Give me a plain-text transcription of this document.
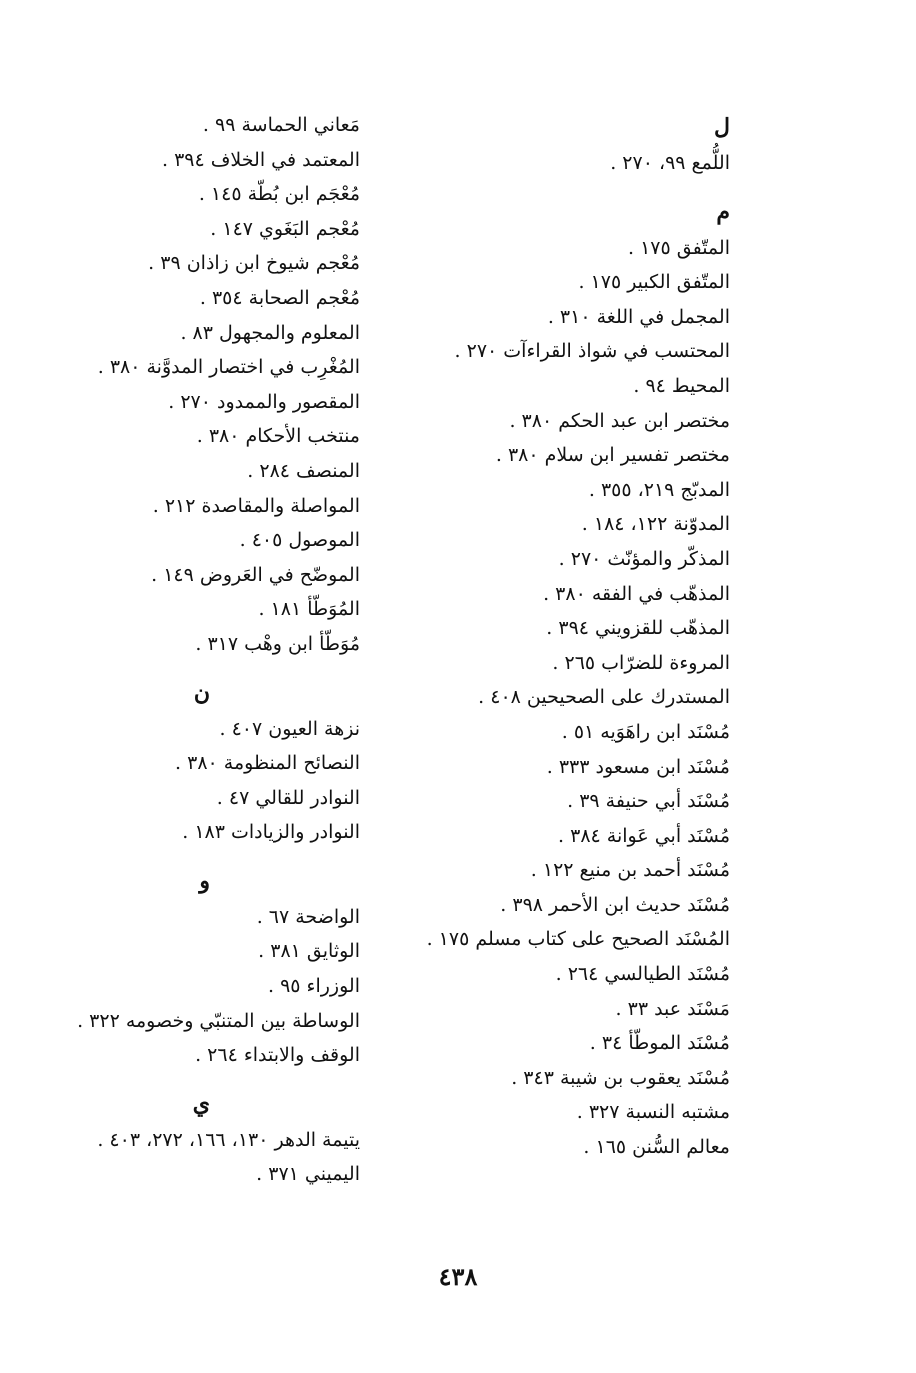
ل
اللُّمع ٩٩، ٢٧٠ .
م
المتّفق ١٧٥ .
المتّفق الكبير ١٧٥ .
المجمل في اللغة ٣١٠ .
المحتسب في شواذ القراءآت ٢٧٠ .
المحيط ٩٤ .
مختصر ابن عبد الحكم ٣٨٠ .
مختصر تفسير ابن سلام ٣٨٠ .
المدبّج ٢١٩، ٣٥٥ .
المدوّنة ١٢٢، ١٨٤ .
المذكّر والمؤنّث ٢٧٠ .
المذهّب في الفقه ٣٨٠ .
المذهّب للقزويني ٣٩٤ .
المروءة للضرّاب ٢٦٥ .
المستدرك على الصحيحين ٤٠٨ .
مُسْنَد ابن راهَوَيه ٥١ .
مُسْنَد ابن مسعود ٣٣٣ .
مُسْنَد أبي حنيفة ٣٩ .
مُسْنَد أبي عَوانة ٣٨٤ .
مُسْنَد أحمد بن منيع ١٢٢ .
مُسْنَد حديث ابن الأحمر ٣٩٨ .
المُسْنَد الصحيح على كتاب مسلم ١٧٥ .
مُسْنَد الطيالسي ٢٦٤ .
مَسْنَد عبد ٣٣ .
مُسْنَد الموطّأ ٣٤ .
مُسْنَد يعقوب بن شيبة ٣٤٣ .
مشتبه النسبة ٣٢٧ .
معالم السُّنن ١٦٥ .
مَعاني الحماسة ٩٩ .
المعتمد في الخلاف ٣٩٤ .
مُعْجَم ابن بُطّة ١٤٥ .
مُعْجم البَغَوي ١٤٧ .
مُعْجم شيوخ ابن زاذان ٣٩ .
مُعْجم الصحابة ٣٥٤ .
المعلوم والمجهول ٨٣ .
المُغْرِب في اختصار المدوَّنة ٣٨٠ .
المقصور والممدود ٢٧٠ .
منتخب الأحكام ٣٨٠ .
المنصف ٢٨٤ .
المواصلة والمقاصدة ٢١٢ .
الموصول ٤٠٥ .
الموضّح في العَروض ١٤٩ .
المُوَطّأ ١٨١ .
مُوَطّأ ابن وهْب ٣١٧ .
ن
نزهة العيون ٤٠٧ .
النصائح المنظومة ٣٨٠ .
النوادر للقالي ٤٧ .
النوادر والزيادات ١٨٣ .
و
الواضحة ٦٧ .
الوثايق ٣٨١ .
الوزراء ٩٥ .
الوساطة بين المتنبّي وخصومه ٣٢٢ .
الوقف والابتداء ٢٦٤ .
ي
يتيمة الدهر ١٣٠، ١٦٦، ٢٧٢، ٤٠٣ .
اليميني ٣٧١ .
٤٣٨
